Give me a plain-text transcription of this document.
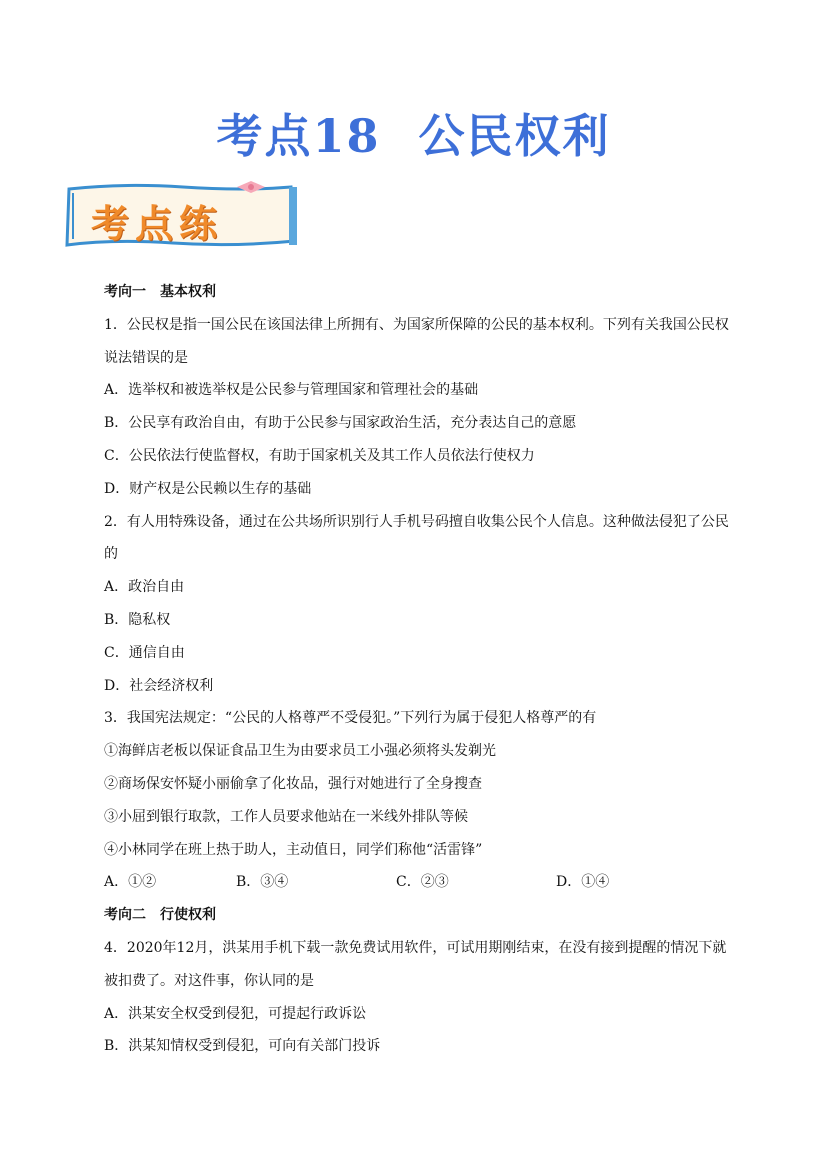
考点18 公民权利
考点练
考向一　基本权利
1．公民权是指一国公民在该国法律上所拥有、为国家所保障的公民的基本权利。下列有关我国公民权
说法错误的是
A．选举权和被选举权是公民参与管理国家和管理社会的基础
B．公民享有政治自由，有助于公民参与国家政治生活，充分表达自己的意愿
C．公民依法行使监督权，有助于国家机关及其工作人员依法行使权力
D．财产权是公民赖以生存的基础
2．有人用特殊设备，通过在公共场所识别行人手机号码擅自收集公民个人信息。这种做法侵犯了公民
的
A．政治自由
B．隐私权
C．通信自由
D．社会经济权利
3．我国宪法规定：“公民的人格尊严不受侵犯。”下列行为属于侵犯人格尊严的有
①海鲜店老板以保证食品卫生为由要求员工小强必须将头发剃光
②商场保安怀疑小丽偷拿了化妆品，强行对她进行了全身搜查
③小屈到银行取款，工作人员要求他站在一米线外排队等候
④小林同学在班上热于助人，主动值日，同学们称他“活雷锋”
A．①②	B．③④	C．②③	D．①④
考向二　行使权利
4．2020年12月，洪某用手机下载一款免费试用软件，可试用期刚结束，在没有接到提醒的情况下就
被扣费了。对这件事，你认同的是
A．洪某安全权受到侵犯，可提起行政诉讼
B．洪某知情权受到侵犯，可向有关部门投诉
